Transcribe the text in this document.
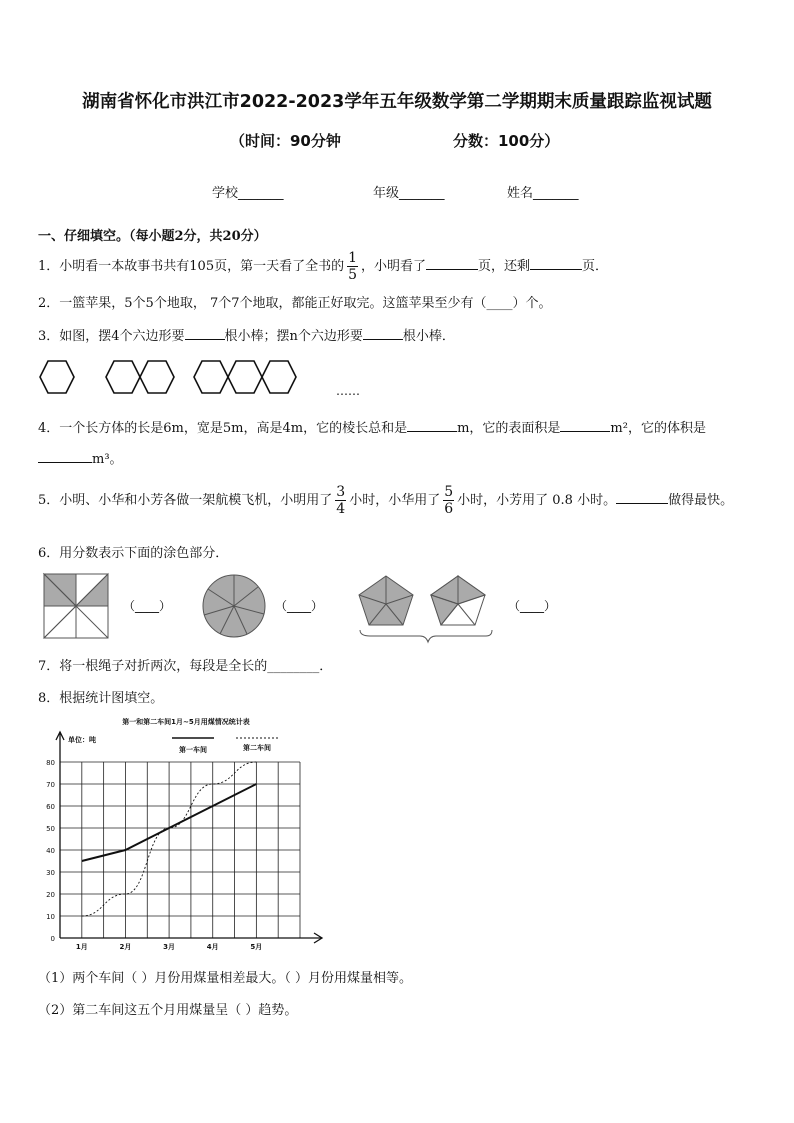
湖南省怀化市洪江市2022-2023学年五年级数学第二学期期末质量跟踪监视试题
（时间：90分钟	分数：100分）
学校_______	年级_______	姓名_______
一、仔细填空。（每小题2分，共20分）
1．小明看一本故事书共有105页，第一天看了全书的 $\frac{1}{5}$ ，小明看了	页，还剩	页．
2．一篮苹果，5个5个地取， 7个7个地取，都能正好取完。这篮苹果至少有（____）个。
3．如图，摆4个六边形要	根小棒；摆n个六边形要	根小棒．
……
4．一个长方体的长是6m，宽是5m，高是4m，它的棱长总和是	m，它的表面积是	m²，它的体积是
m³。
5．小明、小华和小芳各做一架航模飞机，小明用了 $\frac{3}{4}$ 小时，小华用了 $\frac{5}{6}$ 小时，小芳用了 0.8 小时。	做得最快。
6．用分数表示下面的涂色部分．
（____）	（____）	（____）
7．将一根绳子对折两次，每段是全长的________．
8．根据统计图填空。
0
10
20
30
40
50
60
70
80
第一和第二车间1月~5月用煤情况统计表
单位：吨
第一车间	第二车间
1月	2月	3月	4月	5月
（1）两个车间（ ）月份用煤量相差最大。（ ）月份用煤量相等。
（2）第二车间这五个月用煤量呈（ ）趋势。
